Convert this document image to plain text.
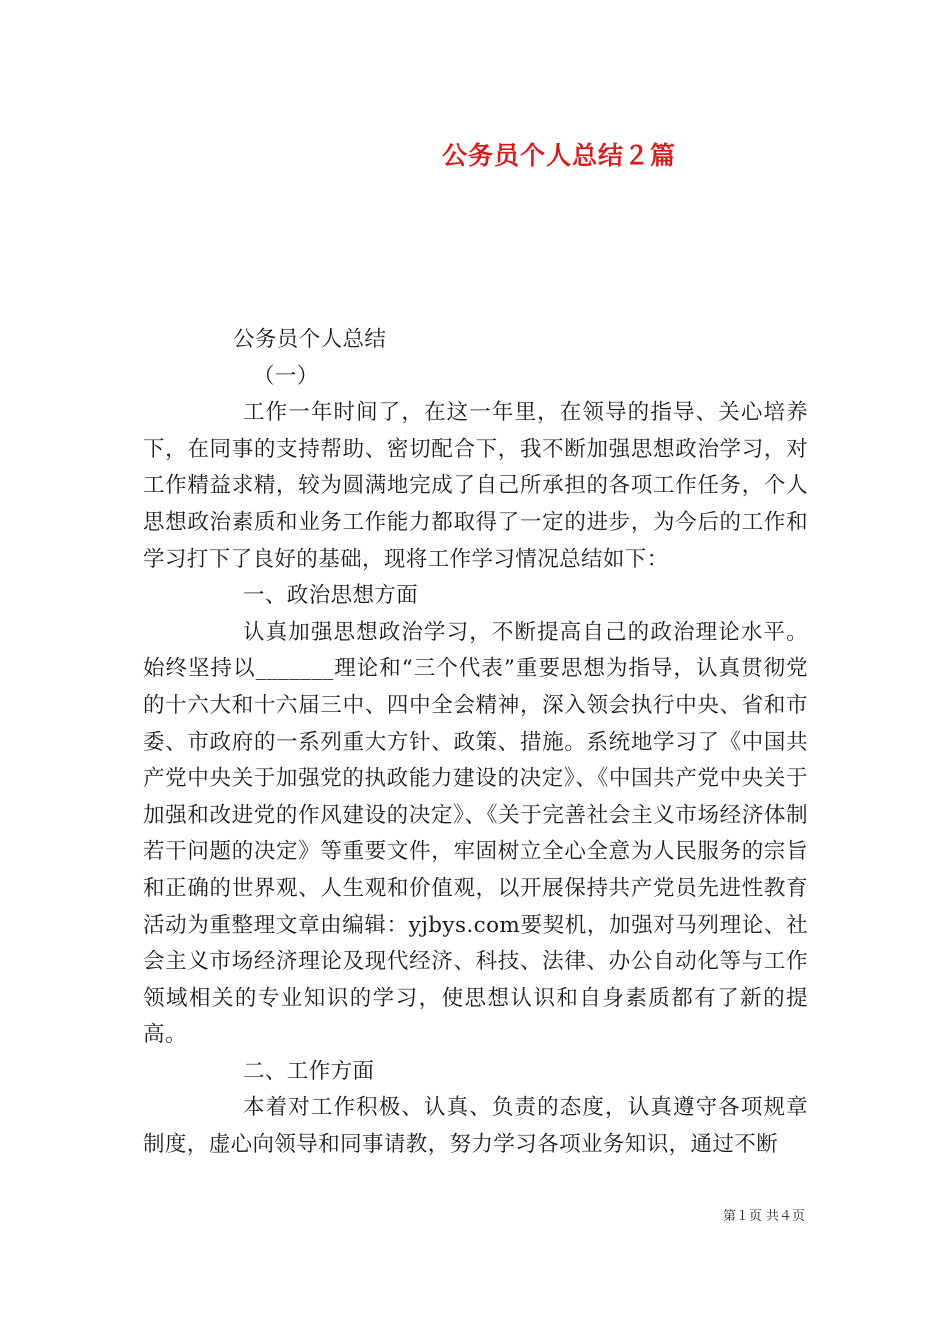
公务员个人总结２篇

公务员个人总结

（一）

工作一年时间了，在这一年里，在领导的指导、关心培养下，在同事的支持帮助、密切配合下，我不断加强思想政治学习，对工作精益求精，较为圆满地完成了自己所承担的各项工作任务，个人思想政治素质和业务工作能力都取得了一定的进步，为今后的工作和学习打下了良好的基础，现将工作学习情况总结如下：

一、政治思想方面

认真加强思想政治学习，不断提高自己的政治理论水平。始终坚持以_______理论和“三个代表”重要思想为指导，认真贯彻党的十六大和十六届三中、四中全会精神，深入领会执行中央、省和市委、市政府的一系列重大方针、政策、措施。系统地学习了《中国共产党中央关于加强党的执政能力建设的决定》、《中国共产党中央关于加强和改进党的作风建设的决定》、《关于完善社会主义市场经济体制若干问题的决定》等重要文件，牢固树立全心全意为人民服务的宗旨和正确的世界观、人生观和价值观，以开展保持共产党员先进性教育活动为重整理文章由编辑：yjbys.com要契机，加强对马列理论、社会主义市场经济理论及现代经济、科技、法律、办公自动化等与工作领域相关的专业知识的学习，使思想认识和自身素质都有了新的提高。

二、工作方面

本着对工作积极、认真、负责的态度，认真遵守各项规章制度，虚心向领导和同事请教，努力学习各项业务知识，通过不断

第１页 共４页
